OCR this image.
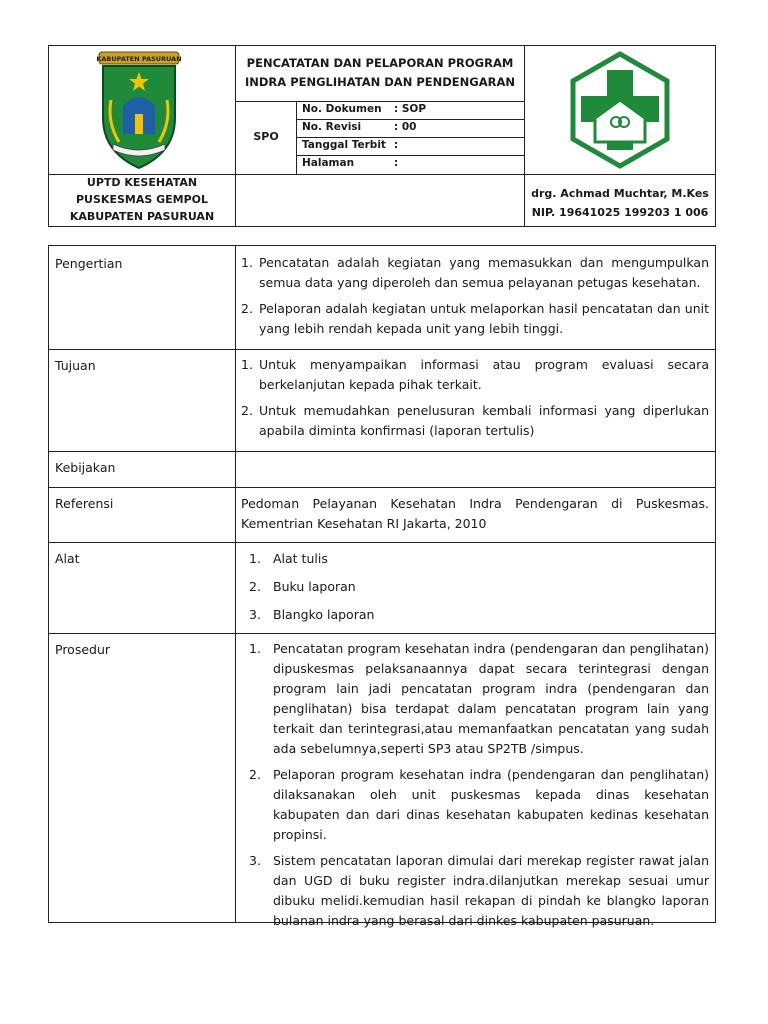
KABUPATEN PASURUAN	PENCATATAN DAN PELAPORAN PROGRAM
INDRA PENGLIHATAN DAN PENDENGARAN
SPO
No. Dokumen : SOP
No. Revisi	: 00
Tanggal Terbit :
Halaman	:
UPTD KESEHATAN
PUSKESMAS GEMPOL
KABUPATEN PASURUAN
drg. Achmad Muchtar, M.Kes
NIP. 19641025 199203 1 006
Pengertian	1. Pencatatan adalah kegiatan yang memasukkan dan mengumpulkan semua data yang diperoleh dan semua pelayanan petugas kesehatan.
2. Pelaporan adalah kegiatan untuk melaporkan hasil pencatatan dan unit yang lebih rendah kepada unit yang lebih tinggi.
Tujuan	1. Untuk menyampaikan informasi atau program evaluasi secara berkelanjutan kepada pihak terkait.
2. Untuk memudahkan penelusuran kembali informasi yang diperlukan apabila diminta konfirmasi (laporan tertulis)
Kebijakan
Referensi	Pedoman Pelayanan Kesehatan Indra Pendengaran di Puskesmas. Kementrian Kesehatan RI Jakarta, 2010
Alat	1. Alat tulis
2. Buku laporan
3. Blangko laporan
Prosedur	1. Pencatatan program kesehatan indra (pendengaran dan penglihatan) dipuskesmas pelaksanaannya dapat secara terintegrasi dengan program lain jadi pencatatan program indra (pendengaran dan penglihatan) bisa terdapat dalam pencatatan program lain yang terkait dan terintegrasi,atau memanfaatkan pencatatan yang sudah ada sebelumnya,seperti SP3 atau SP2TB /simpus.
2. Pelaporan program kesehatan indra (pendengaran dan penglihatan) dilaksanakan oleh unit puskesmas kepada dinas kesehatan kabupaten dan dari dinas kesehatan kabupaten kedinas kesehatan propinsi.
3. Sistem pencatatan laporan dimulai dari merekap register rawat jalan dan UGD di buku register indra.dilanjutkan merekap sesuai umur dibuku melidi.kemudian hasil rekapan di pindah ke blangko laporan bulanan indra yang berasal dari dinkes kabupaten pasuruan.
